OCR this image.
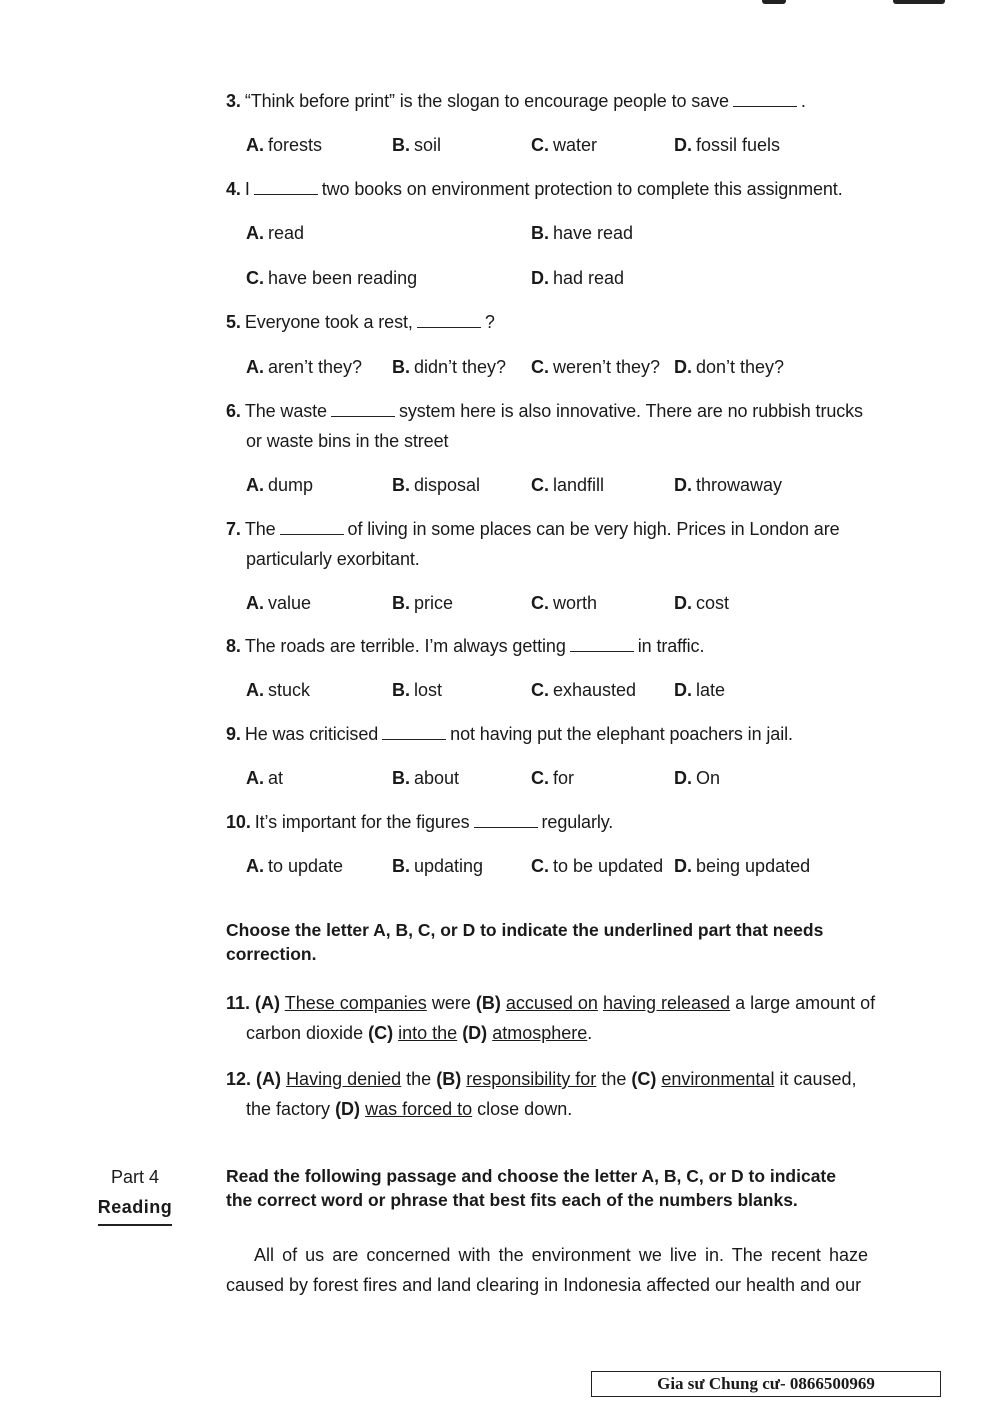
3. “Think before print” is the slogan to encourage people to save	.
A. forests	B. soil	C. water	D. fossil fuels
4. I	two books on environment protection to complete this assignment.
A. read	B. have read
C. have been reading	D. had read
5. Everyone took a rest,	?
A. aren’t they? B. didn’t they? C. weren’t they? D. don’t they?
6. The waste	system here is also innovative. There are no rubbish trucks
or waste bins in the street
A. dump	B. disposal	C. landfill	D. throwaway
7. The	of living in some places can be very high. Prices in London are
particularly exorbitant.
A. value	B. price	C. worth	D. cost
8. The roads are terrible. I’m always getting	in traffic.
A. stuck	B. lost	C. exhausted D. late
9. He was criticised	not having put the elephant poachers in jail.
A. at	B. about	C. for	D. On
10. It’s important for the figures	regularly.
A. to update	B. updating	C. to be updated D. being updated
Choose the letter A, B, C, or D to indicate the underlined part that needs correction.
11. (A) These companies were (B) accused on having released a large amount of
carbon dioxide (C) into the (D) atmosphere.
12. (A) Having denied the (B) responsibility for the (C) environmental it caused,
the factory (D) was forced to close down.
Part 4
Reading
Read the following passage and choose the letter A, B, C, or D to indicate the correct word or phrase that best fits each of the numbers blanks.
All of us are concerned with the environment we live in. The recent haze caused by forest fires and land clearing in Indonesia affected our health and our
Gia sư Chung cư- 0866500969
